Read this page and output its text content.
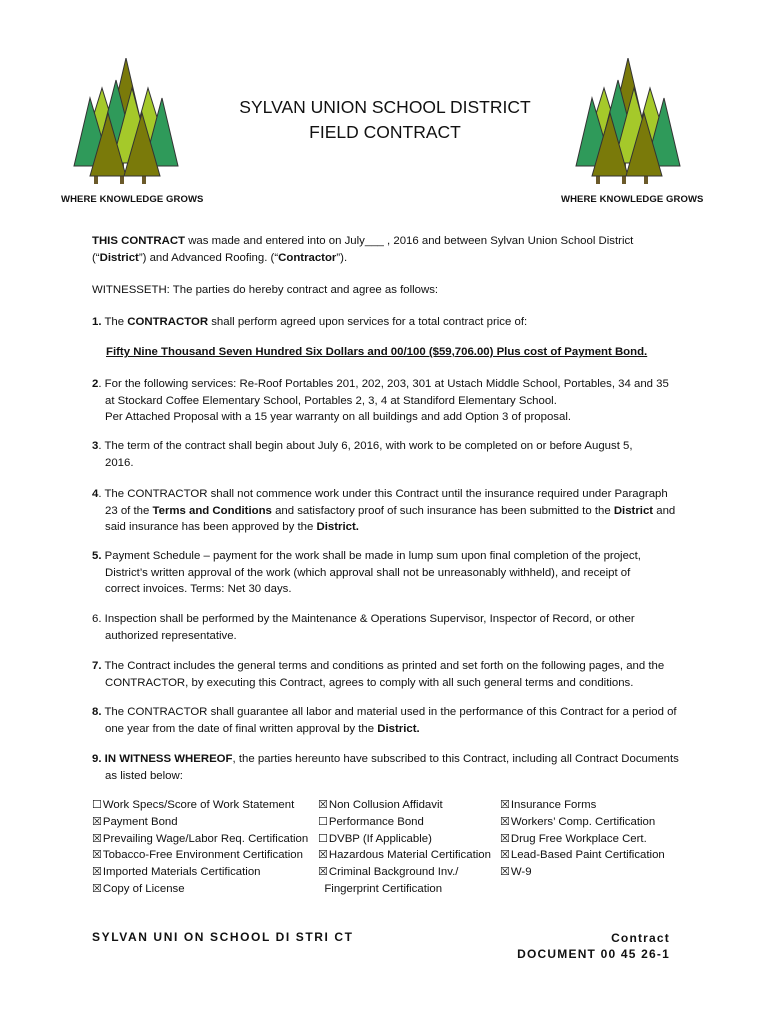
WHERE KNOWLEDGE GROWS	WHERE KNOWLEDGE GROWS
SYLVAN UNION SCHOOL DISTRICT
FIELD CONTRACT
THIS CONTRACT was made and entered into on July___ , 2016 and between Sylvan Union School District
(“District”) and Advanced Roofing. (“Contractor”).
WITNESSETH: The parties do hereby contract and agree as follows:
1. The CONTRACTOR shall perform agreed upon services for a total contract price of:
Fifty Nine Thousand Seven Hundred Six Dollars and 00/100 ($59,706.00) Plus cost of Payment Bond.
2. For the following services: Re-Roof Portables 201, 202, 203, 301 at Ustach Middle School, Portables, 34 and 35
at Stockard Coffee Elementary School, Portables 2, 3, 4 at Standiford Elementary School.
Per Attached Proposal with a 15 year warranty on all buildings and add Option 3 of proposal.
3. The term of the contract shall begin about July 6, 2016, with work to be completed on or before August 5,
2016.
4. The CONTRACTOR shall not commence work under this Contract until the insurance required under Paragraph
23 of the Terms and Conditions and satisfactory proof of such insurance has been submitted to the District and
said insurance has been approved by the District.
5. Payment Schedule – payment for the work shall be made in lump sum upon final completion of the project,
District’s written approval of the work (which approval shall not be unreasonably withheld), and receipt of
correct invoices. Terms: Net 30 days.
6. Inspection shall be performed by the Maintenance & Operations Supervisor, Inspector of Record, or other
authorized representative.
7. The Contract includes the general terms and conditions as printed and set forth on the following pages, and the
CONTRACTOR, by executing this Contract, agrees to comply with all such general terms and conditions.
8. The CONTRACTOR shall guarantee all labor and material used in the performance of this Contract for a period of
one year from the date of final written approval by the District.
9. IN WITNESS WHEREOF, the parties hereunto have subscribed to this Contract, including all Contract Documents
as listed below:
☐Work Specs/Score of Work Statement
☒Payment Bond
☒Prevailing Wage/Labor Req. Certification
☒Tobacco-Free Environment Certification
☒Imported Materials Certification
☒Copy of License
☒Non Collusion Affidavit
☐Performance Bond
☐DVBP (If Applicable)
☒Hazardous Material Certification
☒Criminal Background Inv./
Fingerprint Certification
☒Insurance Forms
☒Workers’ Comp. Certification
☒Drug Free Workplace Cert.
☒Lead-Based Paint Certification
☒W-9
SYLVAN UNI ON SCHOOL DI STRI CT	Contract
DOCUMENT 00 45 26-1
